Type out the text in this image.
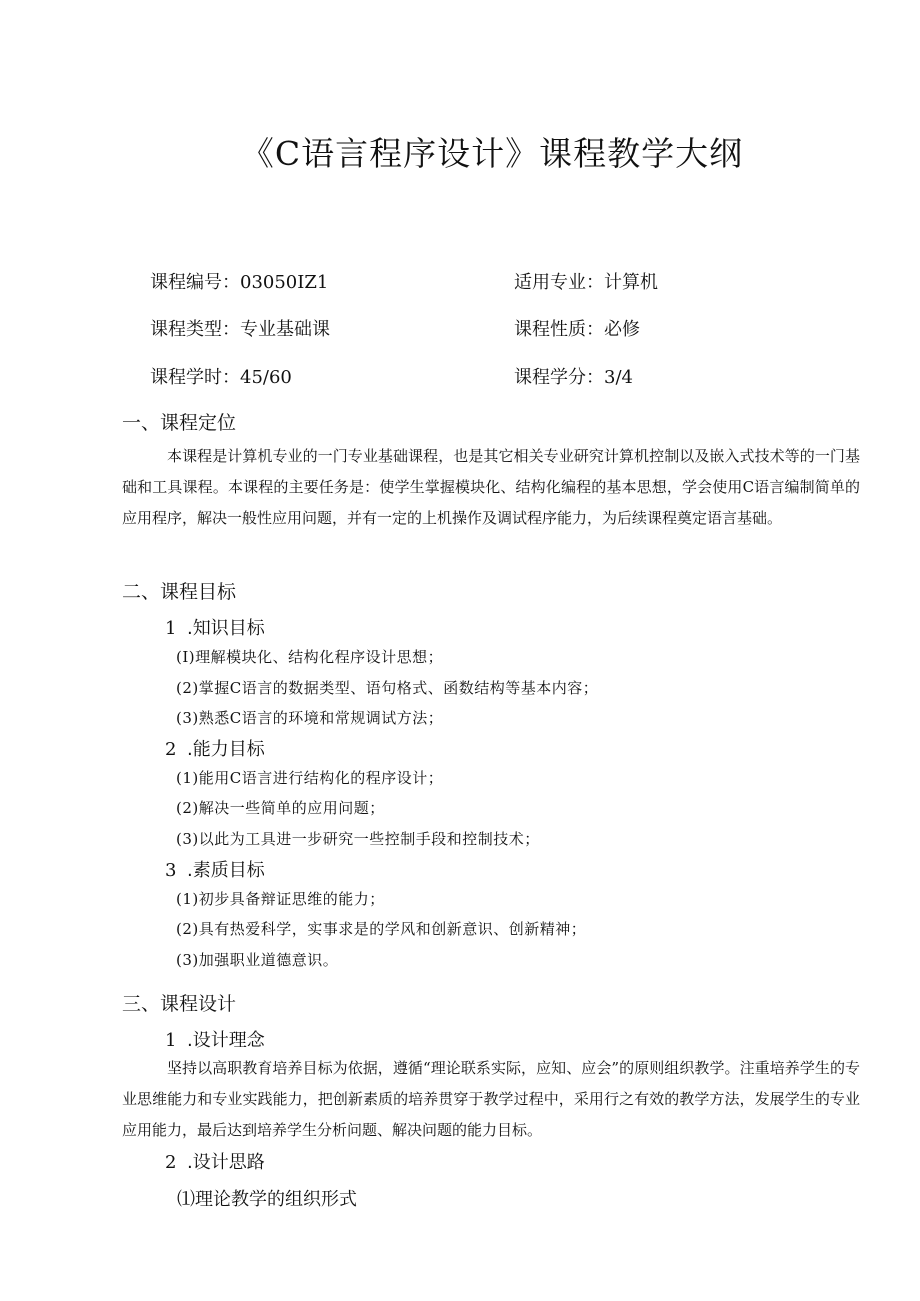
《C语言程序设计》课程教学大纲
课程编号：03050IZ1	适用专业：计算机
课程类型：专业基础课	课程性质：必修
课程学时：45/60	课程学分：3/4
一、课程定位
本课程是计算机专业的一门专业基础课程，也是其它相关专业研究计算机控制以及嵌入式技术等的一门基础和工具课程。本课程的主要任务是：使学生掌握模块化、结构化编程的基本思想，学会使用C语言编制简单的应用程序，解决一般性应用问题，并有一定的上机操作及调试程序能力，为后续课程奠定语言基础。
二、课程目标
1 .知识目标
(I)理解模块化、结构化程序设计思想；
(2)掌握C语言的数据类型、语句格式、函数结构等基本内容；
(3)熟悉C语言的环境和常规调试方法；
2 .能力目标
(1)能用C语言进行结构化的程序设计；
(2)解决一些简单的应用问题；
(3)以此为工具进一步研究一些控制手段和控制技术；
3 .素质目标
(1)初步具备辩证思维的能力；
(2)具有热爱科学，实事求是的学风和创新意识、创新精神；
(3)加强职业道德意识。
三、课程设计
1 .设计理念
坚持以高职教育培养目标为依据，遵循“理论联系实际，应知、应会”的原则组织教学。注重培养学生的专业思维能力和专业实践能力，把创新素质的培养贯穿于教学过程中，采用行之有效的教学方法，发展学生的专业应用能力，最后达到培养学生分析问题、解决问题的能力目标。
2 .设计思路
⑴理论教学的组织形式
